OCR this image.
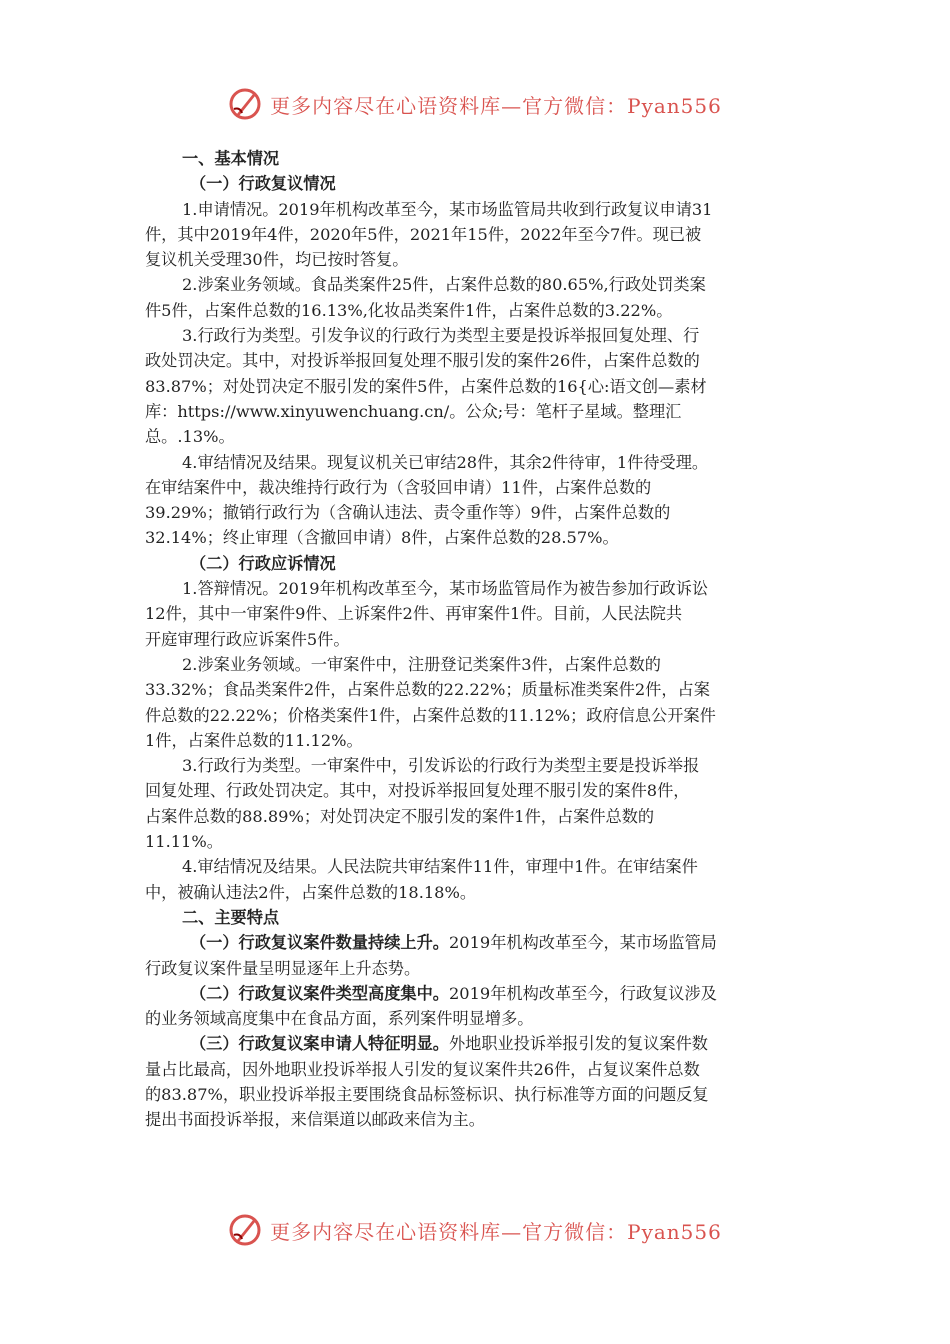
更多内容尽在心语资料库—官方微信：Pyan556
一、基本情况
（一）行政复议情况
1.申请情况。2019年机构改革至今，某市场监管局共收到行政复议申请31
件，其中2019年4件，2020年5件，2021年15件，2022年至今7件。现已被
复议机关受理30件，均已按时答复。
2.涉案业务领域。食品类案件25件，占案件总数的80.65%,行政处罚类案
件5件，占案件总数的16.13%,化妆品类案件1件，占案件总数的3.22%。
3.行政行为类型。引发争议的行政行为类型主要是投诉举报回复处理、行
政处罚决定。其中，对投诉举报回复处理不服引发的案件26件，占案件总数的
83.87%；对处罚决定不服引发的案件5件，占案件总数的16{心:语文创—素材
库：https://www.xinyuwenchuang.cn/。公众;号：笔杆子星域。整理汇
总。.13%。
4.审结情况及结果。现复议机关已审结28件，其余2件待审，1件待受理。
在审结案件中，裁决维持行政行为（含驳回申请）11件，占案件总数的
39.29%；撤销行政行为（含确认违法、责令重作等）9件，占案件总数的
32.14%；终止审理（含撤回申请）8件，占案件总数的28.57%。
（二）行政应诉情况
1.答辩情况。2019年机构改革至今，某市场监管局作为被告参加行政诉讼
12件，其中一审案件9件、上诉案件2件、再审案件1件。目前，人民法院共
开庭审理行政应诉案件5件。
2.涉案业务领域。一审案件中，注册登记类案件3件，占案件总数的
33.32%；食品类案件2件，占案件总数的22.22%；质量标准类案件2件，占案
件总数的22.22%；价格类案件1件，占案件总数的11.12%；政府信息公开案件
1件，占案件总数的11.12%。
3.行政行为类型。一审案件中，引发诉讼的行政行为类型主要是投诉举报
回复处理、行政处罚决定。其中，对投诉举报回复处理不服引发的案件8件，
占案件总数的88.89%；对处罚决定不服引发的案件1件，占案件总数的
11.11%。
4.审结情况及结果。人民法院共审结案件11件，审理中1件。在审结案件
中，被确认违法2件，占案件总数的18.18%。
二、主要特点
（一）行政复议案件数量持续上升。2019年机构改革至今，某市场监管局
行政复议案件量呈明显逐年上升态势。
（二）行政复议案件类型高度集中。2019年机构改革至今，行政复议涉及
的业务领域高度集中在食品方面，系列案件明显增多。
（三）行政复议案申请人特征明显。外地职业投诉举报引发的复议案件数
量占比最高，因外地职业投诉举报人引发的复议案件共26件，占复议案件总数
的83.87%，职业投诉举报主要围绕食品标签标识、执行标准等方面的问题反复
提出书面投诉举报，来信渠道以邮政来信为主。
更多内容尽在心语资料库—官方微信：Pyan556
